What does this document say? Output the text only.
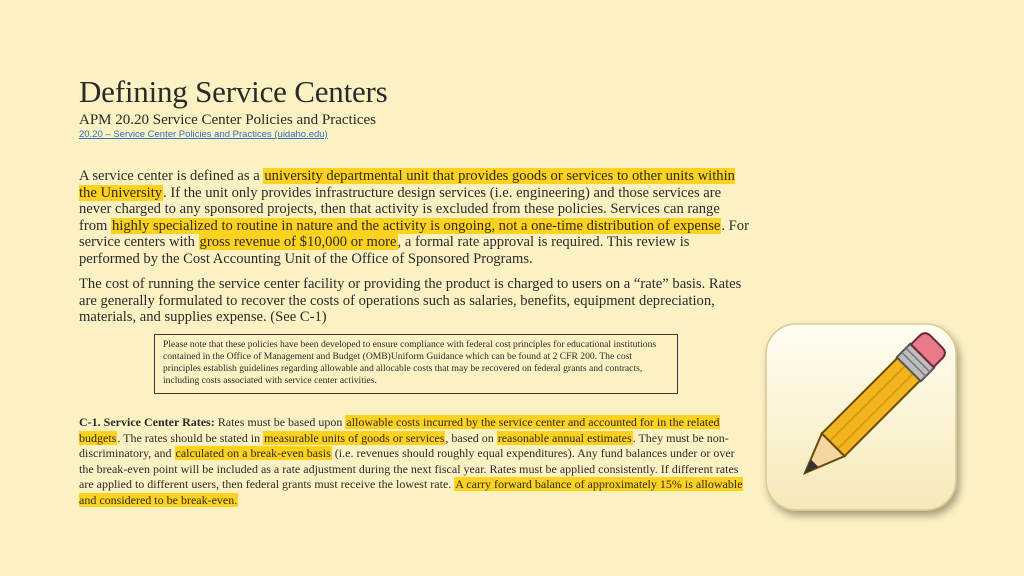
Defining Service Centers

APM 20.20 Service Center Policies and Practices

20.20 – Service Center Policies and Practices (uidaho.edu)

A service center is defined as a university departmental unit that provides goods or services to other units within the University. If the unit only provides infrastructure design services (i.e. engineering) and those services are never charged to any sponsored projects, then that activity is excluded from these policies. Services can range from highly specialized to routine in nature and the activity is ongoing, not a one-time distribution of expense. For service centers with gross revenue of $10,000 or more, a formal rate approval is required. This review is performed by the Cost Accounting Unit of the Office of Sponsored Programs.

The cost of running the service center facility or providing the product is charged to users on a “rate” basis. Rates are generally formulated to recover the costs of operations such as salaries, benefits, equipment depreciation, materials, and supplies expense. (See C-1)

Please note that these policies have been developed to ensure compliance with federal cost principles for educational institutions contained in the Office of Management and Budget (OMB)Uniform Guidance which can be found at 2 CFR 200. The cost principles establish guidelines regarding allowable and allocable costs that may be recovered on federal grants and contracts, including costs associated with service center activities.

C-1. Service Center Rates: Rates must be based upon allowable costs incurred by the service center and accounted for in the related budgets. The rates should be stated in measurable units of goods or services, based on reasonable annual estimates. They must be non-discriminatory, and calculated on a break-even basis (i.e. revenues should roughly equal expenditures). Any fund balances under or over the break-even point will be included as a rate adjustment during the next fiscal year. Rates must be applied consistently. If different rates are applied to different users, then federal grants must receive the lowest rate. A carry forward balance of approximately 15% is allowable and considered to be break-even.
